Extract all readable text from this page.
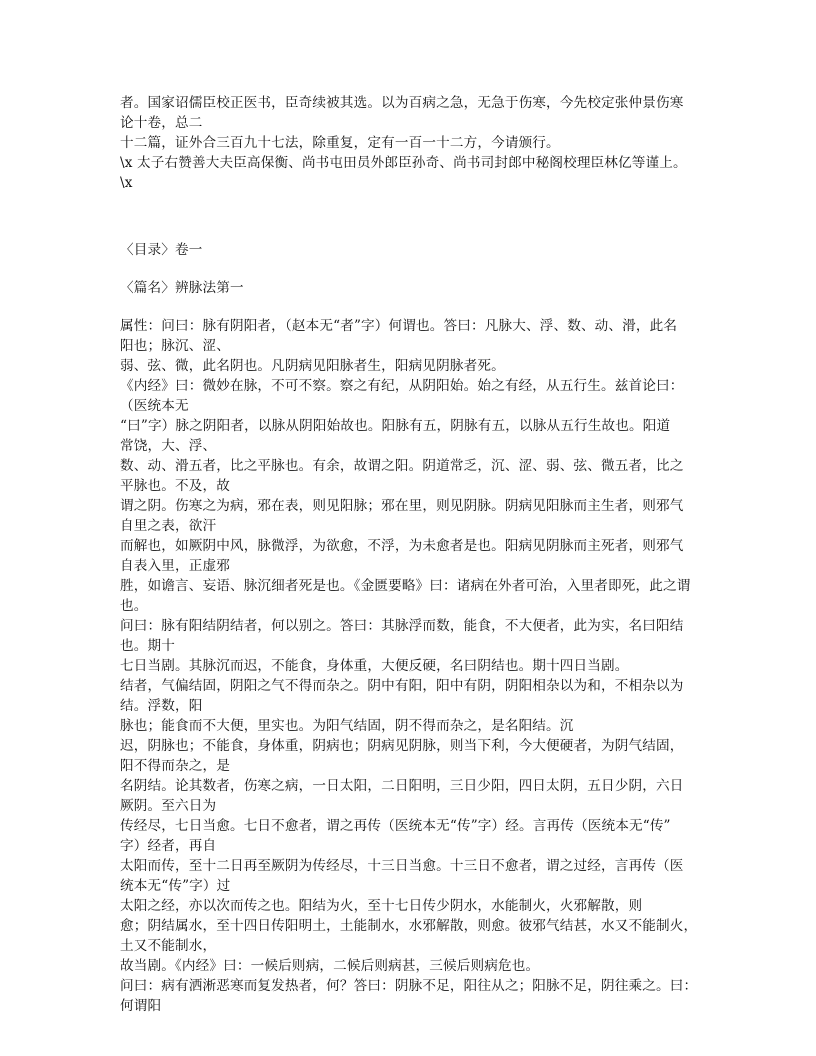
者。国家诏儒臣校正医书，臣奇续被其选。以为百病之急，无急于伤寒，今先校定张仲景伤寒
论十卷，总二
十二篇，证外合三百九十七法，除重复，定有一百一十二方，今请颁行。
\x 太子右赞善大夫臣高保衡、尚书屯田员外郎臣孙奇、尚书司封郎中秘阁校理臣林亿等谨上。
\x
〈目录〉卷一
〈篇名〉辨脉法第一
属性：问曰：脉有阴阳者，（赵本无“者”字）何谓也。答曰：凡脉大、浮、数、动、滑，此名
阳也；脉沉、涩、
弱、弦、微，此名阴也。凡阴病见阳脉者生，阳病见阴脉者死。
《内经》曰：微妙在脉，不可不察。察之有纪，从阴阳始。始之有经，从五行生。兹首论曰：
（医统本无
“曰”字）脉之阴阳者，以脉从阴阳始故也。阳脉有五，阴脉有五，以脉从五行生故也。阳道
常饶，大、浮、
数、动、滑五者，比之平脉也。有余，故谓之阳。阴道常乏，沉、涩、弱、弦、微五者，比之
平脉也。不及，故
谓之阴。伤寒之为病，邪在表，则见阳脉；邪在里，则见阴脉。阴病见阳脉而主生者，则邪气
自里之表，欲汗
而解也，如厥阴中风，脉微浮，为欲愈，不浮，为未愈者是也。阳病见阴脉而主死者，则邪气
自表入里，正虚邪
胜，如谵言、妄语、脉沉细者死是也。《金匮要略》曰：诸病在外者可治，入里者即死，此之谓
也。
问曰：脉有阳结阴结者，何以别之。答曰：其脉浮而数，能食，不大便者，此为实，名曰阳结
也。期十
七日当剧。其脉沉而迟，不能食，身体重，大便反硬，名曰阴结也。期十四日当剧。
结者，气偏结固，阴阳之气不得而杂之。阴中有阳，阳中有阴，阴阳相杂以为和，不相杂以为
结。浮数，阳
脉也；能食而不大便，里实也。为阳气结固，阴不得而杂之，是名阳结。沉
迟，阴脉也；不能食，身体重，阴病也；阴病见阴脉，则当下利，今大便硬者，为阴气结固，
阳不得而杂之，是
名阴结。论其数者，伤寒之病，一日太阳，二日阳明，三日少阳，四日太阴，五日少阴，六日
厥阴。至六日为
传经尽，七日当愈。七日不愈者，谓之再传（医统本无“传”字）经。言再传（医统本无“传”
字）经者，再自
太阳而传，至十二日再至厥阴为传经尽，十三日当愈。十三日不愈者，谓之过经，言再传（医
统本无“传”字）过
太阳之经，亦以次而传之也。阳结为火，至十七日传少阴水，水能制火，火邪解散，则
愈；阴结属水，至十四日传阳明土，土能制水，水邪解散，则愈。彼邪气结甚，水又不能制火，
土又不能制水，
故当剧。《内经》曰：一候后则病，二候后则病甚，三候后则病危也。
问曰：病有洒淅恶寒而复发热者，何？答曰：阴脉不足，阳往从之；阳脉不足，阴往乘之。曰：
何谓阳
